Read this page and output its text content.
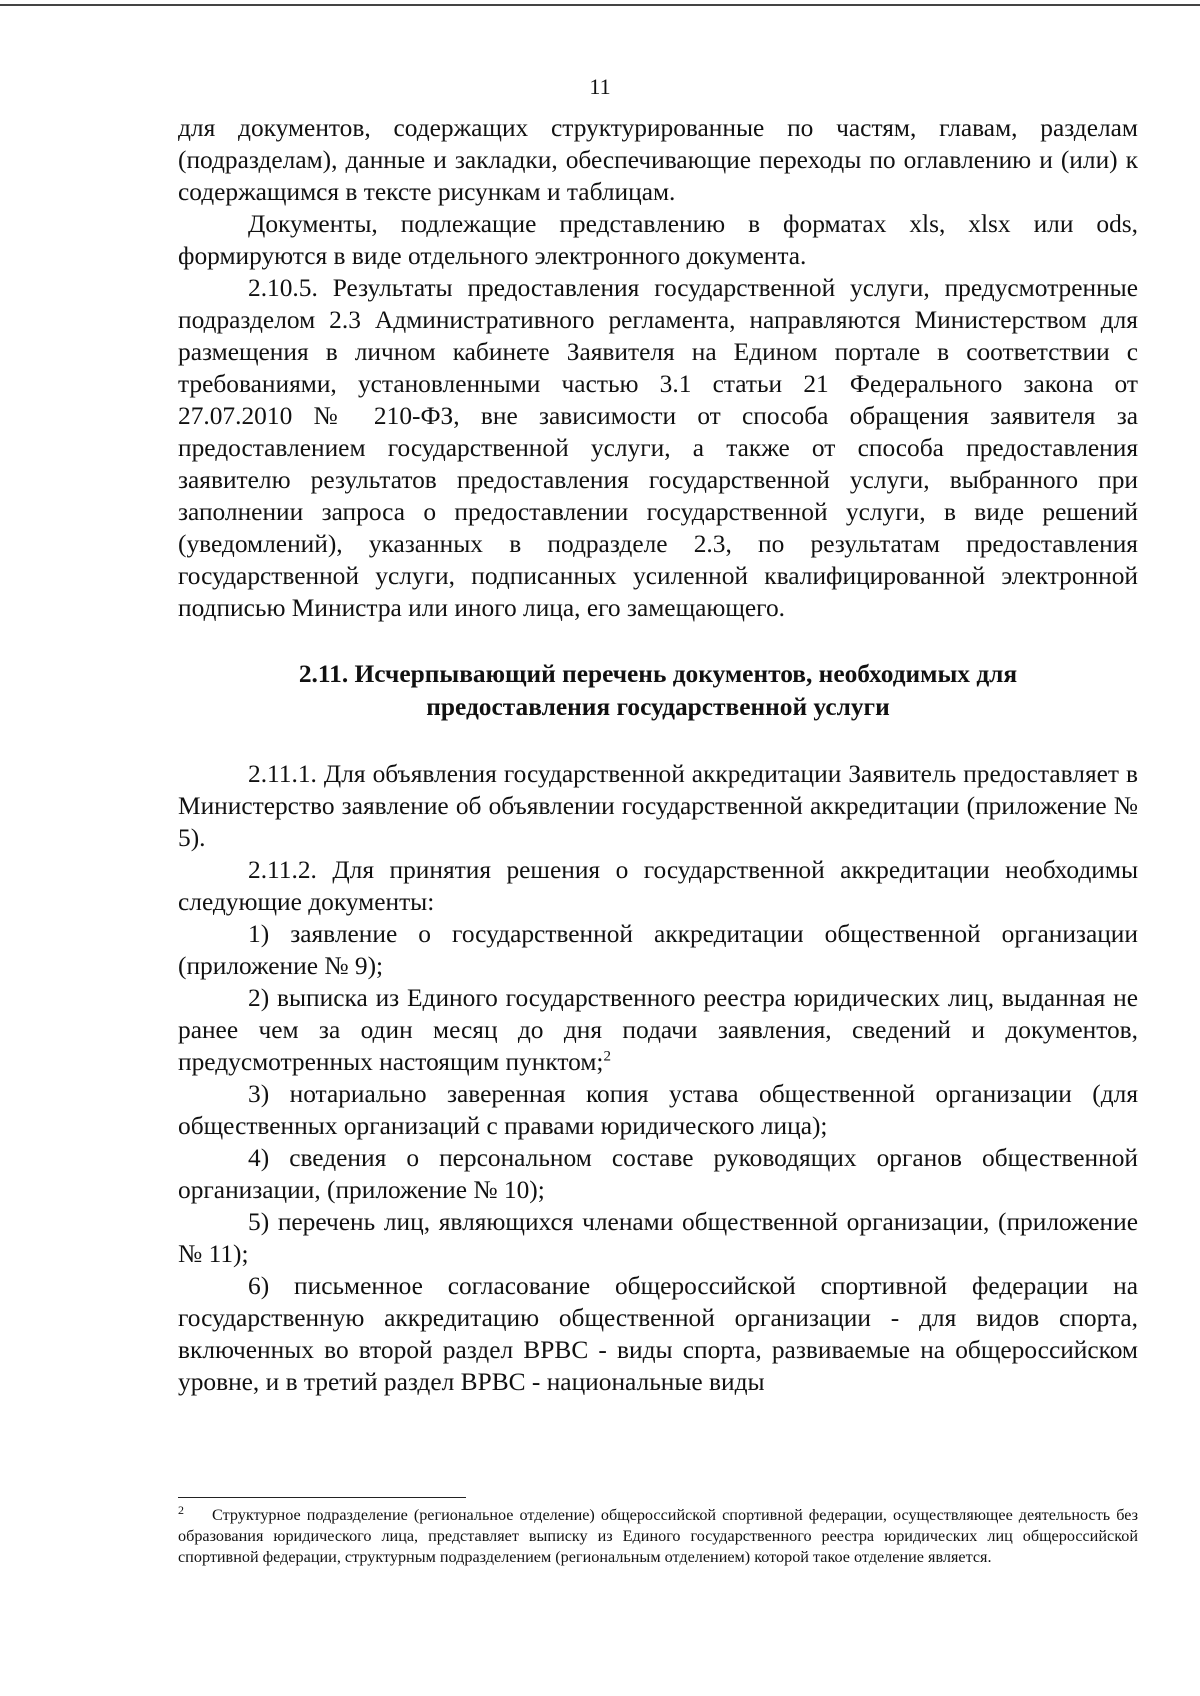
11

для документов, содержащих структурированные по частям, главам, разделам (подразделам), данные и закладки, обеспечивающие переходы по оглавлению и (или) к содержащимся в тексте рисункам и таблицам.

Документы, подлежащие представлению в форматах xls, xlsx или ods, формируются в виде отдельного электронного документа.

2.10.5. Результаты предоставления государственной услуги, предусмотренные подразделом 2.3 Административного регламента, направляются Министерством для размещения в личном кабинете Заявителя на Едином портале в соответствии с требованиями, установленными частью 3.1 статьи 21 Федерального закона от 27.07.2010 № 210-ФЗ, вне зависимости от способа обращения заявителя за предоставлением государственной услуги, а также от способа предоставления заявителю результатов предоставления государственной услуги, выбранного при заполнении запроса о предоставлении государственной услуги, в виде решений (уведомлений), указанных в подразделе 2.3, по результатам предоставления государственной услуги, подписанных усиленной квалифицированной электронной подписью Министра или иного лица, его замещающего.

2.11. Исчерпывающий перечень документов, необходимых для
предоставления государственной услуги

2.11.1. Для объявления государственной аккредитации Заявитель предоставляет в Министерство заявление об объявлении государственной аккредитации (приложение № 5).

2.11.2. Для принятия решения о государственной аккредитации необходимы следующие документы:

1) заявление о государственной аккредитации общественной организации (приложение № 9);

2) выписка из Единого государственного реестра юридических лиц, выданная не ранее чем за один месяц до дня подачи заявления, сведений и документов, предусмотренных настоящим пунктом;$^2$

3) нотариально заверенная копия устава общественной организации (для общественных организаций с правами юридического лица);

4) сведения о персональном составе руководящих органов общественной организации, (приложение № 10);

5) перечень лиц, являющихся членами общественной организации, (приложение № 11);

6) письменное согласование общероссийской спортивной федерации на государственную аккредитацию общественной организации - для видов спорта, включенных во второй раздел ВРВС - виды спорта, развиваемые на общероссийском уровне, и в третий раздел ВРВС - национальные виды

$^2$ Структурное подразделение (региональное отделение) общероссийской спортивной федерации, осуществляющее деятельность без образования юридического лица, представляет выписку из Единого государственного реестра юридических лиц общероссийской спортивной федерации, структурным подразделением (региональным отделением) которой такое отделение является.
